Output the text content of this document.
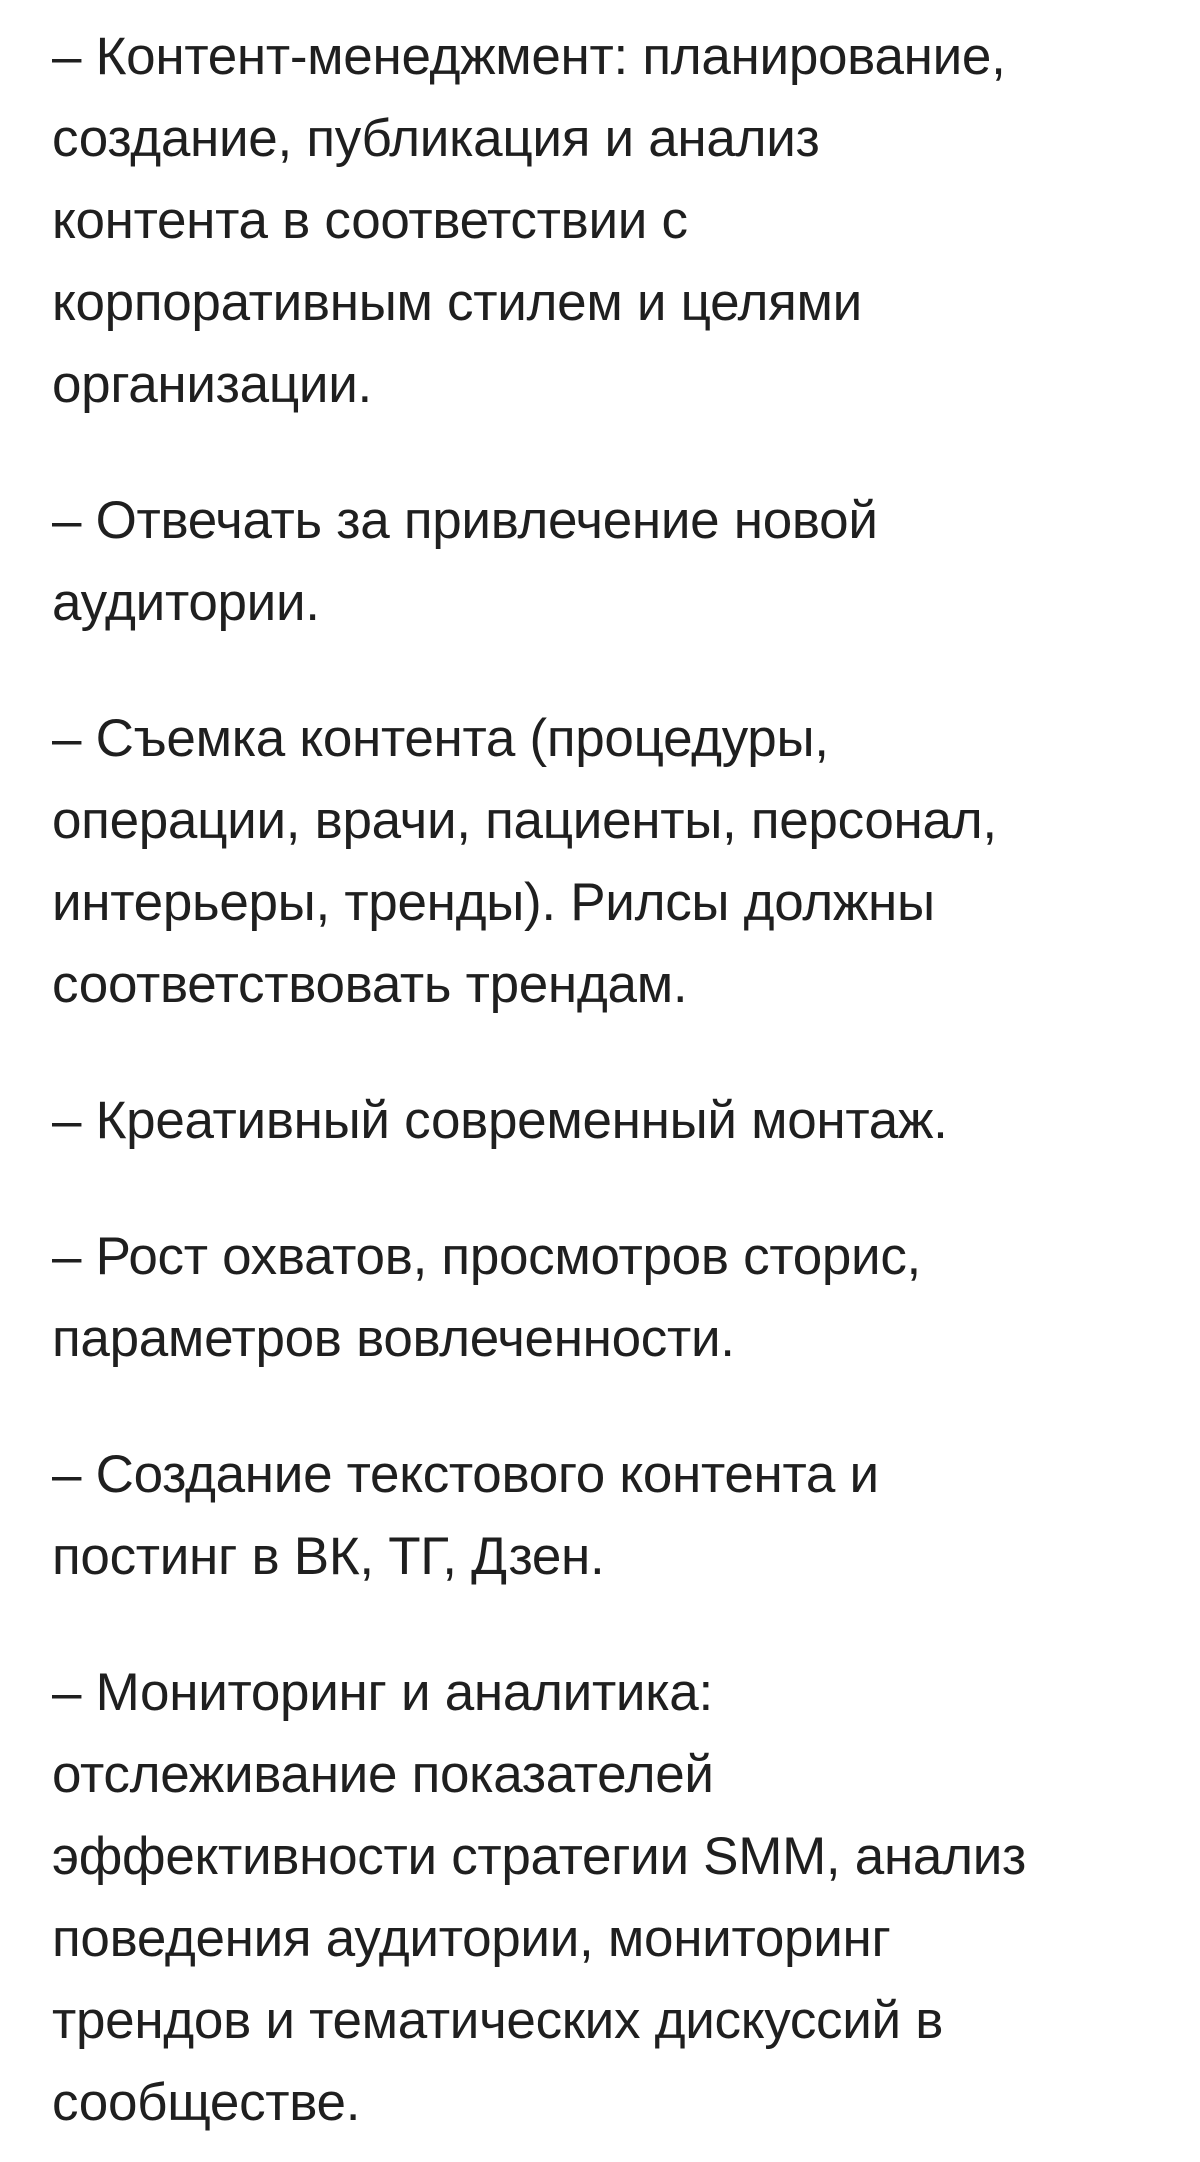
– Контент-менеджмент: планирование,
создание, публикация и анализ
контента в соответствии с
корпоративным стилем и целями
организации.

– Отвечать за привлечение новой
аудитории.

– Съемка контента (процедуры,
операции, врачи, пациенты, персонал,
интерьеры, тренды). Рилсы должны
соответствовать трендам.

– Креативный современный монтаж.

– Рост охватов, просмотров сторис,
параметров вовлеченности.

– Создание текстового контента и
постинг в ВК, ТГ, Дзен.

– Мониторинг и аналитика:
отслеживание показателей
эффективности стратегии SMM, анализ
поведения аудитории, мониторинг
трендов и тематических дискуссий в
сообществе.
